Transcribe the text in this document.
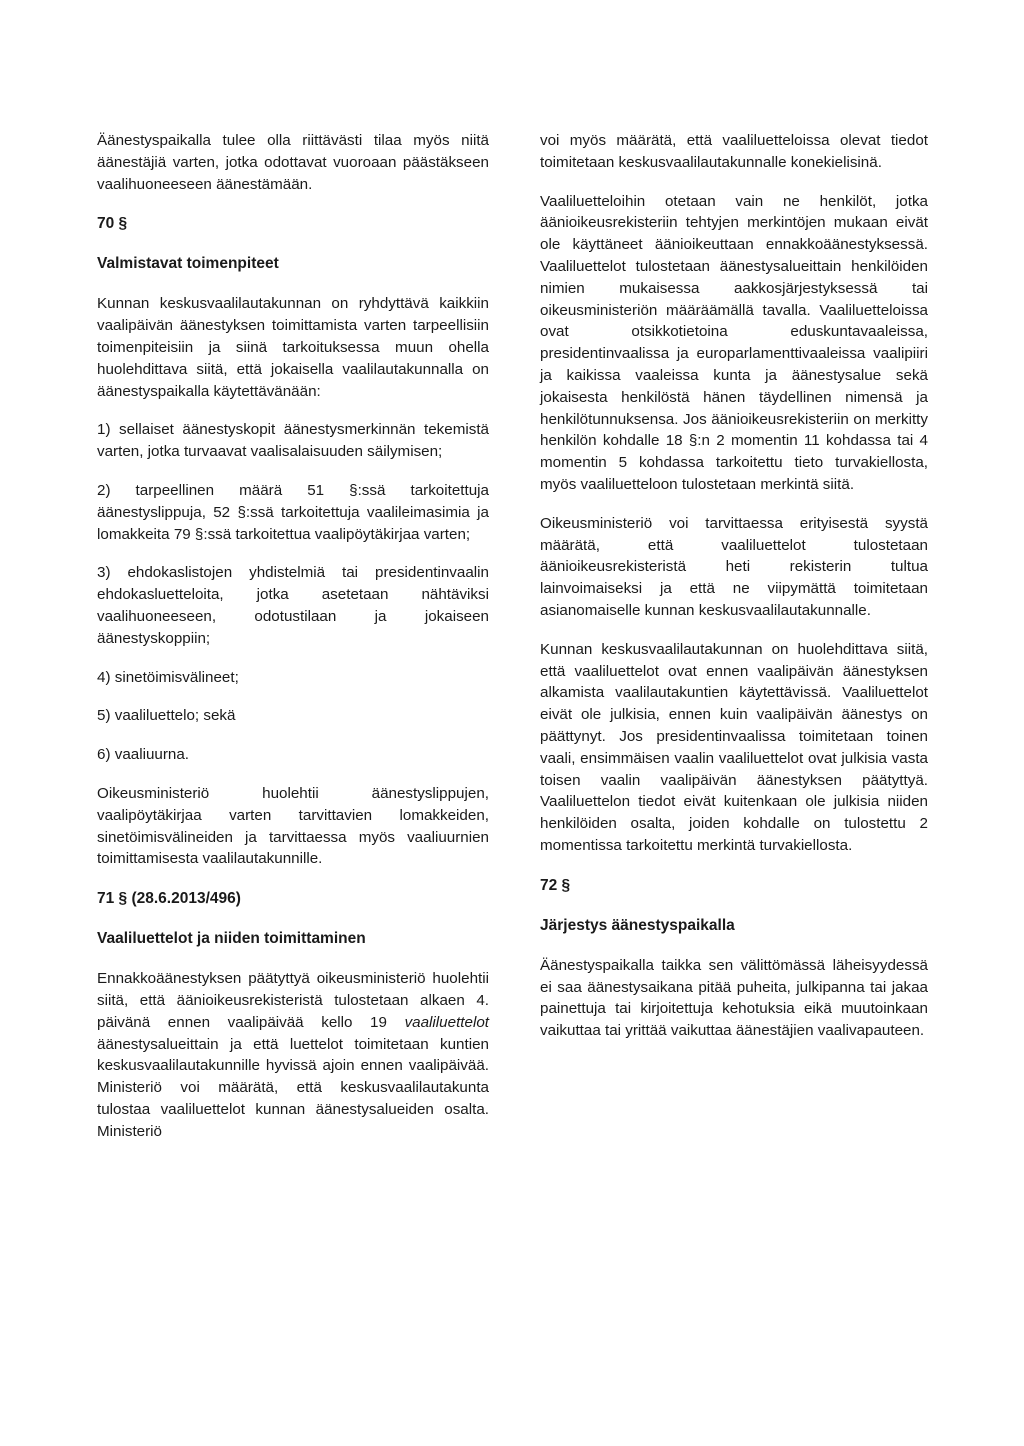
Äänestyspaikalla tulee olla riittävästi tilaa myös niitä äänestäjiä varten, jotka odottavat vuoroaan päästäkseen vaalihuoneeseen äänestämään.

70 §
Valmistavat toimenpiteet

Kunnan keskusvaalilautakunnan on ryhdyttävä kaikkiin vaalipäivän äänestyksen toimittamista varten tarpeellisiin toimenpiteisiin ja siinä tarkoituksessa muun ohella huolehdittava siitä, että jokaisella vaalilautakunnalla on äänestyspaikalla käytettävänään:

1) sellaiset äänestyskopit äänestysmerkinnän tekemistä varten, jotka turvaavat vaalisalaisuuden säilymisen;

2) tarpeellinen määrä 51 §:ssä tarkoitettuja äänestyslippuja, 52 §:ssä tarkoitettuja vaalileimasimia ja lomakkeita 79 §:ssä tarkoitettua vaalipöytäkirjaa varten;

3) ehdokaslistojen yhdistelmiä tai presidentinvaalin ehdokasluetteloita, jotka asetetaan nähtäviksi vaalihuoneeseen, odotustilaan ja jokaiseen äänestyskoppiin;

4) sinetöimisvälineet;

5) vaaliluettelo; sekä

6) vaaliuurna.

Oikeusministeriö huolehtii äänestyslippujen, vaalipöytäkirjaa varten tarvittavien lomakkeiden, sinetöimisvälineiden ja tarvittaessa myös vaaliuurnien toimittamisesta vaalilautakunnille.

71 § (28.6.2013/496)
Vaaliluettelot ja niiden toimittaminen

Ennakkoäänestyksen päätyttyä oikeusministeriö huolehtii siitä, että äänioikeusrekisteristä tulostetaan alkaen 4. päivänä ennen vaalipäivää kello 19 vaaliluettelot äänestysalueittain ja että luettelot toimitetaan kuntien keskusvaalilautakunnille hyvissä ajoin ennen vaalipäivää. Ministeriö voi määrätä, että keskusvaalilautakunta tulostaa vaaliluettelot kunnan äänestysalueiden osalta. Ministeriö

voi myös määrätä, että vaaliluetteloissa olevat tiedot toimitetaan keskusvaalilautakunnalle konekielisinä.

Vaaliluetteloihin otetaan vain ne henkilöt, jotka äänioikeusrekisteriin tehtyjen merkintöjen mukaan eivät ole käyttäneet äänioikeuttaan ennakkoäänestyksessä. Vaaliluettelot tulostetaan äänestysalueittain henkilöiden nimien mukaisessa aakkosjärjestyksessä tai oikeusministeriön määräämällä tavalla. Vaaliluetteloissa ovat otsikkotietoina eduskuntavaaleissa, presidentinvaalissa ja europarlamenttivaaleissa vaalipiiri ja kaikissa vaaleissa kunta ja äänestysalue sekä jokaisesta henkilöstä hänen täydellinen nimensä ja henkilötunnuksensa. Jos äänioikeusrekisteriin on merkitty henkilön kohdalle 18 §:n 2 momentin 11 kohdassa tai 4 momentin 5 kohdassa tarkoitettu tieto turvakiellosta, myös vaaliluetteloon tulostetaan merkintä siitä.

Oikeusministeriö voi tarvittaessa erityisestä syystä määrätä, että vaaliluettelot tulostetaan äänioikeusrekisteristä heti rekisterin tultua lainvoimaiseksi ja että ne viipymättä toimitetaan asianomaiselle kunnan keskusvaalilautakunnalle.

Kunnan keskusvaalilautakunnan on huolehdittava siitä, että vaaliluettelot ovat ennen vaalipäivän äänestyksen alkamista vaalilautakuntien käytettävissä. Vaaliluettelot eivät ole julkisia, ennen kuin vaalipäivän äänestys on päättynyt. Jos presidentinvaalissa toimitetaan toinen vaali, ensimmäisen vaalin vaaliluettelot ovat julkisia vasta toisen vaalin vaalipäivän äänestyksen päätyttyä. Vaaliluettelon tiedot eivät kuitenkaan ole julkisia niiden henkilöiden osalta, joiden kohdalle on tulostettu 2 momentissa tarkoitettu merkintä turvakiellosta.

72 §
Järjestys äänestyspaikalla

Äänestyspaikalla taikka sen välittömässä läheisyydessä ei saa äänestysaikana pitää puheita, julkipanna tai jakaa painettuja tai kirjoitettuja kehotuksia eikä muutoinkaan vaikuttaa tai yrittää vaikuttaa äänestäjien vaalivapauteen.
